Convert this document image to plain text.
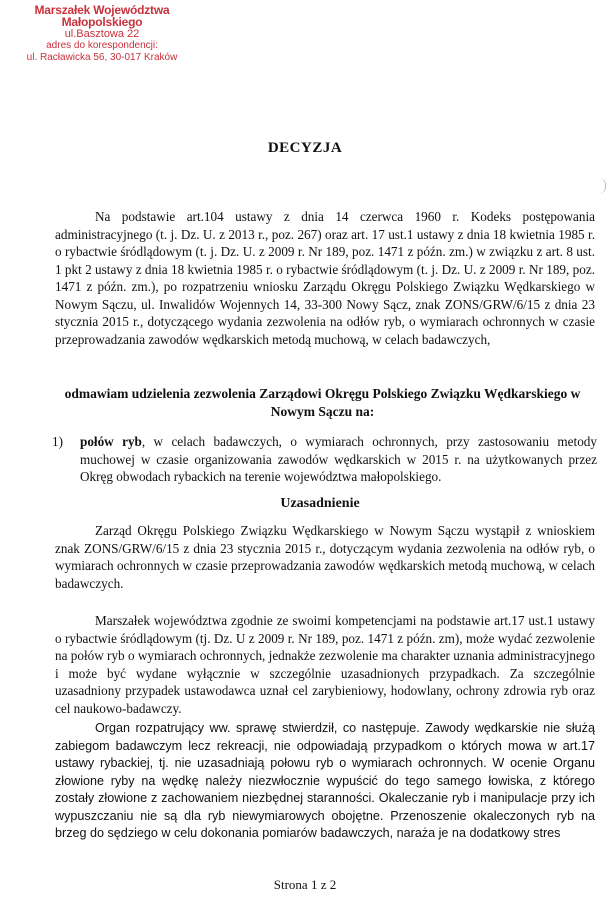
Marszałek Województwa Małopolskiego
ul.Basztowa 22
adres do korespondencji:
ul. Racławicka 56, 30-017 Kraków
DECYZJA
Na podstawie art.104 ustawy z dnia 14 czerwca 1960 r. Kodeks postępowania administracyjnego (t. j. Dz. U. z 2013 r., poz. 267) oraz art. 17 ust.1 ustawy z dnia 18 kwietnia 1985 r. o rybactwie śródlądowym (t. j. Dz. U. z 2009 r. Nr 189, poz. 1471 z późn. zm.) w związku z art. 8 ust. 1 pkt 2 ustawy z dnia 18 kwietnia 1985 r. o rybactwie śródlądowym (t. j. Dz. U. z 2009 r. Nr 189, poz. 1471 z późn. zm.), po rozpatrzeniu wniosku Zarządu Okręgu Polskiego Związku Wędkarskiego w Nowym Sączu, ul. Inwalidów Wojennych 14, 33-300 Nowy Sącz, znak ZONS/GRW/6/15 z dnia 23 stycznia 2015 r., dotyczącego wydania zezwolenia na odłów ryb, o wymiarach ochronnych w czasie przeprowadzania zawodów wędkarskich metodą muchową, w celach badawczych,
odmawiam udzielenia zezwolenia Zarządowi Okręgu Polskiego Związku Wędkarskiego w Nowym Sączu na:
1) połów ryb, w celach badawczych, o wymiarach ochronnych, przy zastosowaniu metody muchowej w czasie organizowania zawodów wędkarskich w 2015 r. na użytkowanych przez Okręg obwodach rybackich na terenie województwa małopolskiego.
Uzasadnienie
Zarząd Okręgu Polskiego Związku Wędkarskiego w Nowym Sączu wystąpił z wnioskiem znak ZONS/GRW/6/15 z dnia 23 stycznia 2015 r., dotyczącym wydania zezwolenia na odłów ryb, o wymiarach ochronnych w czasie przeprowadzania zawodów wędkarskich metodą muchową, w celach badawczych.
Marszałek województwa zgodnie ze swoimi kompetencjami na podstawie art.17 ust.1 ustawy o rybactwie śródlądowym (tj. Dz. U z 2009 r. Nr 189, poz. 1471 z późn. zm), może wydać zezwolenie na połów ryb o wymiarach ochronnych, jednakże zezwolenie ma charakter uznania administracyjnego i może być wydane wyłącznie w szczególnie uzasadnionych przypadkach. Za szczególnie uzasadniony przypadek ustawodawca uznał cel zarybieniowy, hodowlany, ochrony zdrowia ryb oraz cel naukowo-badawczy.
Organ rozpatrujący ww. sprawę stwierdził, co następuje. Zawody wędkarskie nie służą zabiegom badawczym lecz rekreacji, nie odpowiadają przypadkom o których mowa w art.17 ustawy rybackiej, tj. nie uzasadniają połowu ryb o wymiarach ochronnych. W ocenie Organu złowione ryby na wędkę należy niezwłocznie wypuścić do tego samego łowiska, z którego zostały złowione z zachowaniem niezbędnej staranności. Okaleczanie ryb i manipulacje przy ich wypuszczaniu nie są dla ryb niewymiarowych obojętne. Przenoszenie okaleczonych ryb na brzeg do sędziego w celu dokonania pomiarów badawczych, naraża je na dodatkowy stres
Strona 1 z 2
